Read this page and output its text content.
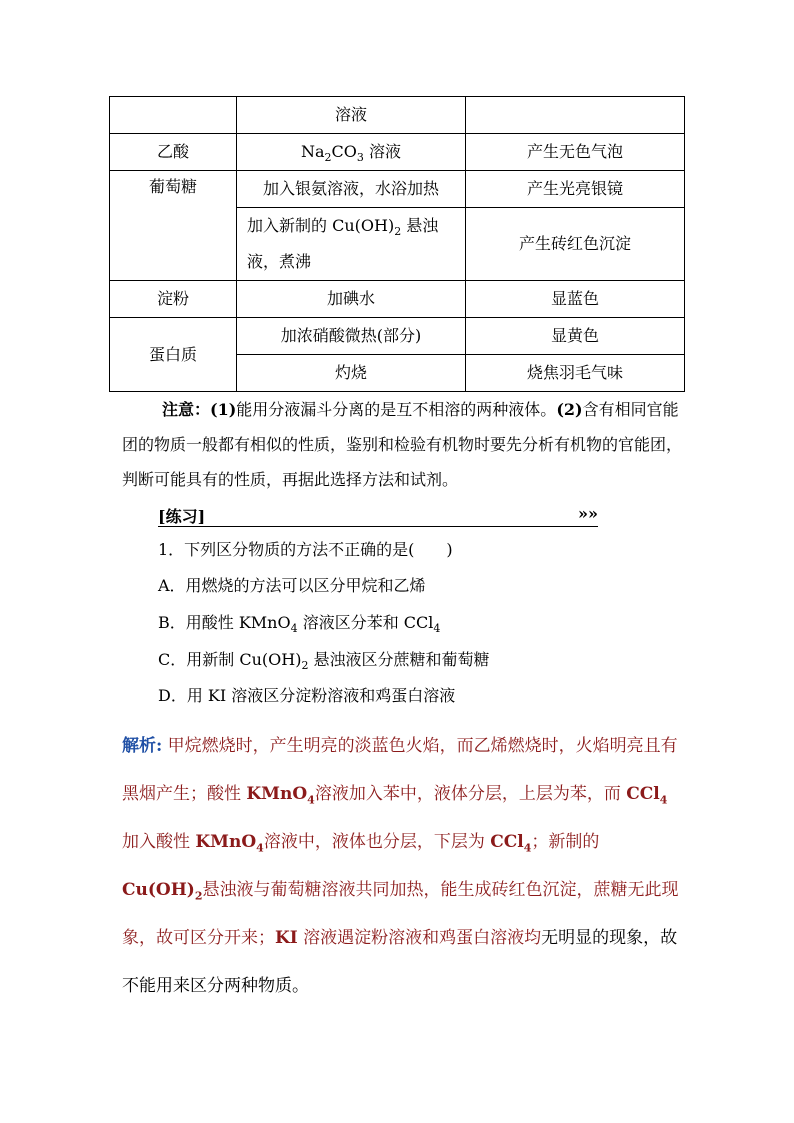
	溶液	
乙酸	$Na_2CO_3$ 溶液	产生无色气泡
葡萄糖	加入银氨溶液，水浴加热	产生光亮银镜
	加入新制的 $Cu(OH)_2$ 悬浊液，煮沸	产生砖红色沉淀
淀粉	加碘水	显蓝色
蛋白质	加浓硝酸微热(部分)	显黄色
	灼烧	烧焦羽毛气味
注意：(1)能用分液漏斗分离的是互不相溶的两种液体。(2)含有相同官能团的物质一般都有相似的性质，鉴别和检验有机物时要先分析有机物的官能团，判断可能具有的性质，再据此选择方法和试剂。
[练习]	»»
1．下列区分物质的方法不正确的是(　　)
A．用燃烧的方法可以区分甲烷和乙烯
B．用酸性 KMnO$_4$ 溶液区分苯和 CCl$_4$
C．用新制 $Cu(OH)_2$ 悬浊液区分蔗糖和葡萄糖
D．用 KI 溶液区分淀粉溶液和鸡蛋白溶液
解析: 甲烷燃烧时，产生明亮的淡蓝色火焰，而乙烯燃烧时，火焰明亮且有黑烟产生；酸性 KMnO$_4$溶液加入苯中，液体分层，上层为苯，而 CCl$_4$加入酸性 KMnO$_4$溶液中，液体也分层，下层为 CCl$_4$；新制的 $Cu(OH)_2$悬浊液与葡萄糖溶液共同加热，能生成砖红色沉淀，蔗糖无此现象，故可区分开来；KI 溶液遇淀粉溶液和鸡蛋白溶液均无明显的现象，故不能用来区分两种物质。
